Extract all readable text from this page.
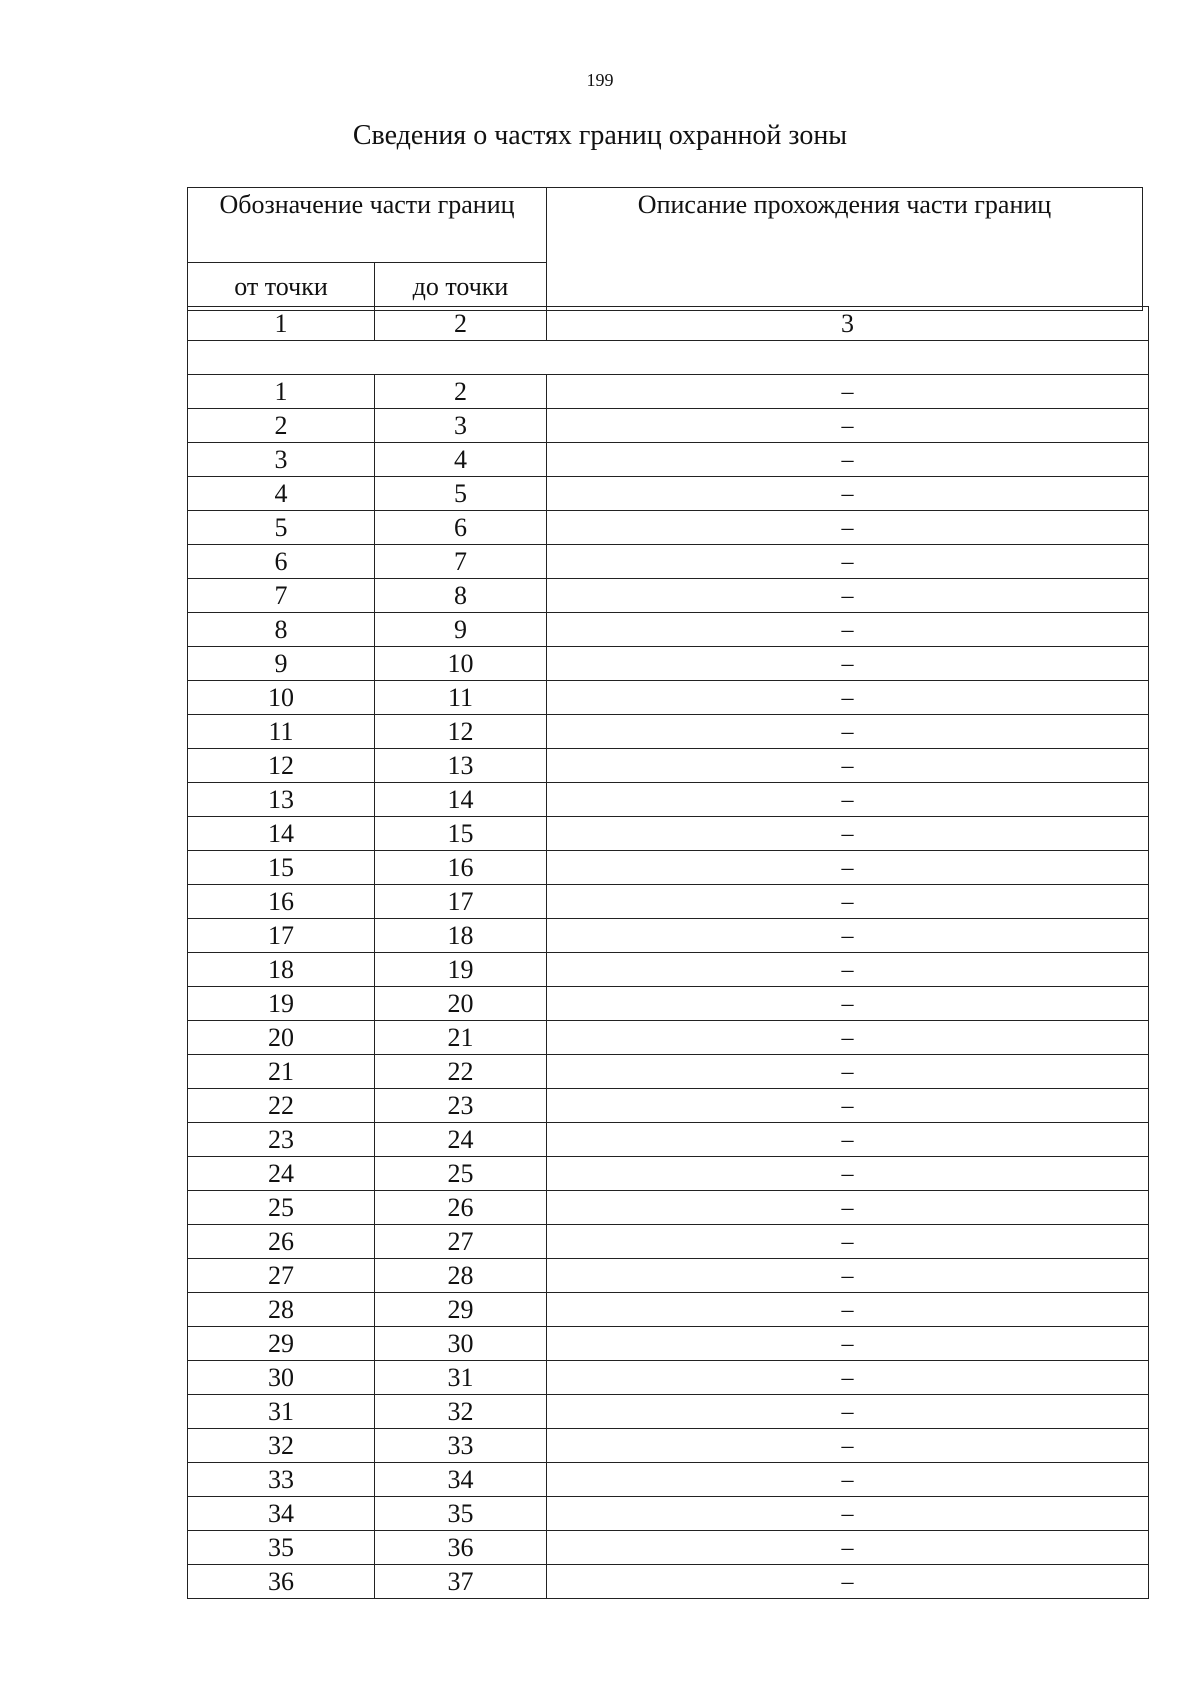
199
Сведения о частях границ охранной зоны
Обозначение части границ		Описание прохождения части границ
от точки	до точки	
1	2	3

1	2	–
2	3	–
3	4	–
4	5	–
5	6	–
6	7	–
7	8	–
8	9	–
9	10	–
10	11	–
11	12	–
12	13	–
13	14	–
14	15	–
15	16	–
16	17	–
17	18	–
18	19	–
19	20	–
20	21	–
21	22	–
22	23	–
23	24	–
24	25	–
25	26	–
26	27	–
27	28	–
28	29	–
29	30	–
30	31	–
31	32	–
32	33	–
33	34	–
34	35	–
35	36	–
36	37	–
